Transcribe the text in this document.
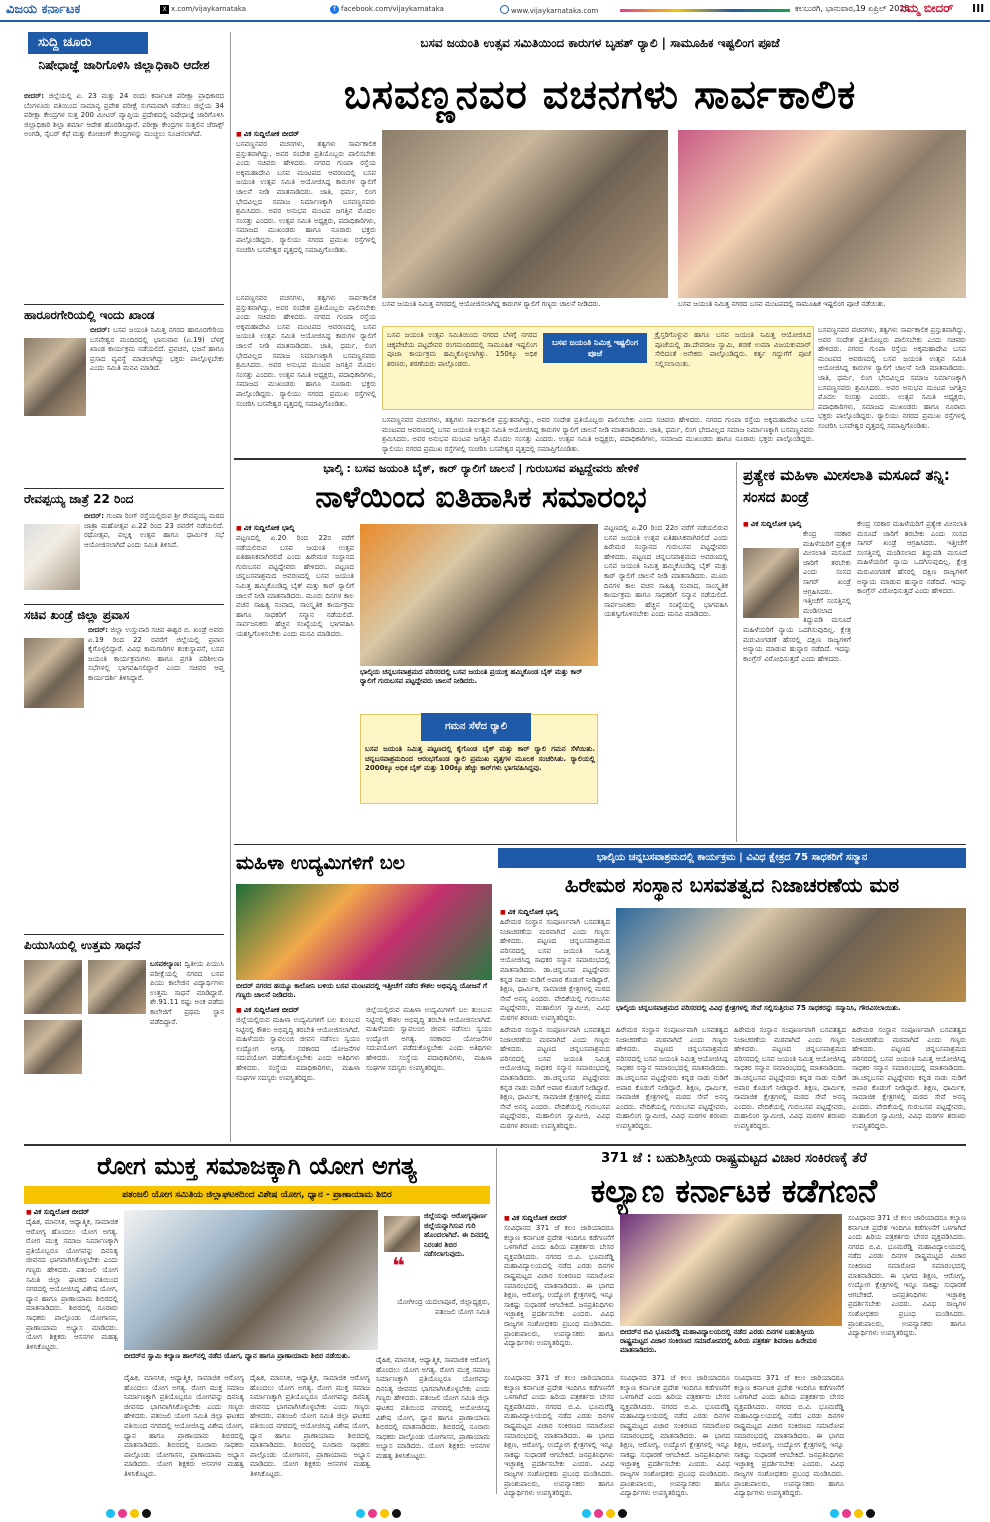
ವಿಜಯ ಕರ್ನಾಟಕ	X x.com/vijaykarnataka	f facebook.com/vijaykarnataka	www.vijaykarnataka.com	ಕಲಬುರಗಿ, ಭಾನುವಾರ,19 ಏಪ್ರಿಲ್ 2026
ನಮ್ಮ ಬೀದರ್ III
ಸುದ್ದಿ ಚೂರು
ನಿಷೇಧಾಜ್ಞೆ ಜಾರಿಗೊಳಿಸಿ ಜಿಲ್ಲಾಧಿಕಾರಿ ಆದೇಶ
ಬೀದರ್: ಜಿಲ್ಲೆಯಲ್ಲಿ ಏ. 23 ಮತ್ತು 24 ರಂದು ಕರ್ನಾಟಕ ಪರೀಕ್ಷಾ ಪ್ರಾಧಿಕಾರದ ಬೆಂಗಳೂರು ವತಿಯಿಂದ ಸಾಮಾನ್ಯ ಪ್ರವೇಶ ಪರೀಕ್ಷೆ ಸುಗಮವಾಗಿ ನಡೆಸಲು ಜಿಲ್ಲೆಯ 34 ಪರೀಕ್ಷಾ ಕೇಂದ್ರಗಳ ಸುತ್ತ 200 ಮೀಟರ್ ವ್ಯಾಪ್ತಿಯ ಪ್ರದೇಶದಲ್ಲಿ ನಿಷೇಧಾಜ್ಞೆ ಜಾರಿಗೊಳಿಸಿ ಜಿಲ್ಲಾಧಿಕಾರಿ ಶಿಲ್ಪಾ ಶರ್ಮಾ ಆದೇಶ ಹೊರಡಿಸಿದ್ದಾರೆ. ಪರೀಕ್ಷಾ ಕೇಂದ್ರಗಳ ಸುತ್ತಲಿನ ಜೆರಾಕ್ಸ್ ಅಂಗಡಿ, ಸೈಬರ್ ಕೆಫೆ ಮತ್ತು ಕೋಚಿಂಗ್ ಕೇಂದ್ರಗಳನ್ನು ಮುಚ್ಚಲು ಸೂಚಿಸಲಾಗಿದೆ.
ಹಾರೂರಗೇರಿಯಲ್ಲಿ ಇಂದು ಖಾಂಡ
ಬೀದರ್: ಬಸವ ಜಯಂತಿ ನಿಮಿತ್ತ ನಗರದ ಹಾರೂರಗೇರಿಯ ಬಸವೇಶ್ವರ ಮಂದಿರದಲ್ಲಿ ಭಾನುವಾರ (ಏ.19) ಬೆಳಗ್ಗೆ ಖಾಂಡ ಕಾರ್ಯಕ್ರಮ ನಡೆಯಲಿದೆ. ಪ್ರವಚನ, ಭಜನೆ ಹಾಗೂ ಪ್ರಸಾದ ವ್ಯವಸ್ಥೆ ಮಾಡಲಾಗಿದ್ದು ಭಕ್ತರು ಪಾಲ್ಗೊಳ್ಳಬೇಕು ಎಂದು ಸಮಿತಿ ಮನವಿ ಮಾಡಿದೆ.
ರೇವಪ್ಪಯ್ಯ ಜಾತ್ರೆ 22 ರಿಂದ
ಬೀದರ್: ಗುಂಪಾ ರಿಂಗ್ ರಸ್ತೆಯಲ್ಲಿರುವ ಶ್ರೀ ರೇವಪ್ಪಯ್ಯ ಮಠದ ಜಾತ್ರಾ ಮಹೋತ್ಸವ ಏ.22 ರಿಂದ 23 ರವರೆಗೆ ನಡೆಯಲಿದೆ. ರಥೋತ್ಸವ, ಪಲ್ಲಕ್ಕಿ ಉತ್ಸವ ಹಾಗೂ ಧಾರ್ಮಿಕ ಸಭೆ ಆಯೋಜಿಸಲಾಗಿದೆ ಎಂದು ಸಮಿತಿ ತಿಳಿಸಿದೆ.
ಸಚಿವ ಖಂಡ್ರೆ ಜಿಲ್ಲಾ ಪ್ರವಾಸ
ಬೀದರ್: ಜಿಲ್ಲಾ ಉಸ್ತುವಾರಿ ಸಚಿವ ಈಶ್ವರ ಬಿ. ಖಂಡ್ರೆ ಅವರು ಏ.19 ರಿಂದ 22 ರವರೆಗೆ ಜಿಲ್ಲೆಯಲ್ಲಿ ಪ್ರವಾಸ ಕೈಗೊಳ್ಳಲಿದ್ದಾರೆ. ವಿವಿಧ ಕಾಮಗಾರಿಗಳ ಶಂಕುಸ್ಥಾಪನೆ, ಬಸವ ಜಯಂತಿ ಕಾರ್ಯಕ್ರಮಗಳು ಹಾಗೂ ಪ್ರಗತಿ ಪರಿಶೀಲನಾ ಸಭೆಗಳಲ್ಲಿ ಭಾಗವಹಿಸಲಿದ್ದಾರೆ ಎಂದು ಸಚಿವರ ಆಪ್ತ ಕಾರ್ಯದರ್ಶಿ ತಿಳಿಸಿದ್ದಾರೆ.
ಪಿಯುಸಿಯಲ್ಲಿ ಉತ್ತಮ ಸಾಧನೆ
ಬಸವಕಲ್ಯಾಣ: ದ್ವಿತೀಯ ಪಿಯುಸಿ ಪರೀಕ್ಷೆಯಲ್ಲಿ ನಗರದ ಬಸವ ಪಿಯು ಕಾಲೇಜಿನ ವಿದ್ಯಾರ್ಥಿಗಳು ಉತ್ತಮ ಸಾಧನೆ ಮಾಡಿದ್ದಾರೆ. ಶೇ.91.11 ರಷ್ಟು ಅಂಕ ಪಡೆದು ಕಾಲೇಜಿಗೆ ಪ್ರಥಮ ಸ್ಥಾನ ಪಡೆದಿದ್ದಾರೆ.
ಬಸವ ಜಯಂತಿ ಉತ್ಸವ ಸಮಿತಿಯಿಂದ ಕಾರುಗಳ ಬೃಹತ್ ರ‍್ಯಾಲಿ | ಸಾಮೂಹಿಕ ಇಷ್ಟಲಿಂಗ ಪೂಜೆ
ಬಸವಣ್ಣನವರ ವಚನಗಳು ಸಾರ್ವಕಾಲಿಕ
■ ವಿಕ ಸುದ್ದಿಲೋಕ ಬೀದರ್
ಬಸವಣ್ಣನವರ ವಚನಗಳು, ತತ್ವಗಳು ಸಾರ್ವಕಾಲಿಕ ಪ್ರಸ್ತುತವಾಗಿದ್ದು, ಅವರ ಸಂದೇಶ ಪ್ರತಿಯೊಬ್ಬರು ಪಾಲಿಸಬೇಕು ಎಂದು ಸಚಿವರು ಹೇಳಿದರು. ನಗರದ ಗುಂಪಾ ರಸ್ತೆಯ ಅಕ್ಕಮಹಾದೇವಿ ಬಸವ ಮಂಟಪದ ಆವರಣದಲ್ಲಿ ಬಸವ ಜಯಂತಿ ಉತ್ಸವ ಸಮಿತಿ ಆಯೋಜಿಸಿದ್ದ ಕಾರುಗಳ ರ‍್ಯಾಲಿಗೆ ಚಾಲನೆ ನೀಡಿ ಮಾತನಾಡಿದರು. ಜಾತಿ, ಧರ್ಮ, ಲಿಂಗ ಭೇದವಿಲ್ಲದ ಸಮಾಜ ನಿರ್ಮಾಣಕ್ಕಾಗಿ ಬಸವಣ್ಣನವರು ಶ್ರಮಿಸಿದರು. ಅವರ ಅನುಭವ ಮಂಟಪ ಜಗತ್ತಿನ ಮೊದಲ ಸಂಸತ್ತು ಎಂದರು. ಉತ್ಸವ ಸಮಿತಿ ಅಧ್ಯಕ್ಷರು, ಪದಾಧಿಕಾರಿಗಳು, ಸಮಾಜದ ಮುಖಂಡರು ಹಾಗೂ ನೂರಾರು ಭಕ್ತರು ಪಾಲ್ಗೊಂಡಿದ್ದರು. ರ‍್ಯಾಲಿಯು ನಗರದ ಪ್ರಮುಖ ರಸ್ತೆಗಳಲ್ಲಿ ಸಂಚರಿಸಿ ಬಸವೇಶ್ವರ ವೃತ್ತದಲ್ಲಿ ಸಮಾಪ್ತಿಗೊಂಡಿತು.
ಬಸವ ಜಯಂತಿ ನಿಮಿತ್ತ ನಗರದಲ್ಲಿ ಆಯೋಜಿಸಲಾಗಿದ್ದ ಕಾರುಗಳ ರ‍್ಯಾಲಿಗೆ ಗಣ್ಯರು ಚಾಲನೆ ನೀಡಿದರು.	ಬಸವ ಜಯಂತಿ ನಿಮಿತ್ತ ನಗರದ ಬಸವ ಮಂಟಪದಲ್ಲಿ ಸಾಮೂಹಿಕ ಇಷ್ಟಲಿಂಗ ಪೂಜೆ ನಡೆಯಿತು.
ಬಸವ ಜಯಂತಿ ಉತ್ಸವ ಸಮಿತಿಯಿಂದ ನಗರದ ಬೆಳಗ್ಗೆ ನಗರದ ಚಿಕ್ಕಪೇಟೆಯ ಪಟ್ಟದೇವರ ರಂಗಮಂದಿರದಲ್ಲಿ ಸಾಮೂಹಿಕ ಇಷ್ಟಲಿಂಗ ಪೂಜಾ ಕಾರ್ಯಕ್ರಮ ಹಮ್ಮಿಕೊಳ್ಳಲಾಗಿತ್ತು. 150ಕ್ಕೂ ಅಧಿಕ ಶರಣರು, ಶರಣೆಯರು ಪಾಲ್ಗೊಂಡರು.
ಬಸವ ಜಯಂತಿ ನಿಮಿತ್ತ ಇಷ್ಟಲಿಂಗ ಪೂಜೆ
ಕ್ರೈಸ್ತರಿಗೊಳ್ಳುವ ಹಾಗೂ ಬಸವ ಜಯಂತಿ ನಿಮಿತ್ತ ಆಯೋಜಿಸಿದ ಪೂಜೆಯಲ್ಲಿ ಡಾ.ದೇವರಾಜ ಸ್ವಾಮಿ, ಶರಣೆ ಉಮಾ ವಿಜಯಕುಮಾರ್ ಸೇರಿದಂತೆ ಅನೇಕರು ಪಾಲ್ಗೊಂಡಿದ್ದರು. ಕರ್ತೃ ಗದ್ದುಗೆಗೆ ಪೂಜೆ ಸಲ್ಲಿಸಲಾಯಿತು.
ಬಸವಣ್ಣನವರ ವಚನಗಳು, ತತ್ವಗಳು ಸಾರ್ವಕಾಲಿಕ ಪ್ರಸ್ತುತವಾಗಿದ್ದು, ಅವರ ಸಂದೇಶ ಪ್ರತಿಯೊಬ್ಬರು ಪಾಲಿಸಬೇಕು ಎಂದು ಸಚಿವರು ಹೇಳಿದರು. ನಗರದ ಗುಂಪಾ ರಸ್ತೆಯ ಅಕ್ಕಮಹಾದೇವಿ ಬಸವ ಮಂಟಪದ ಆವರಣದಲ್ಲಿ ಬಸವ ಜಯಂತಿ ಉತ್ಸವ ಸಮಿತಿ ಆಯೋಜಿಸಿದ್ದ ಕಾರುಗಳ ರ‍್ಯಾಲಿಗೆ ಚಾಲನೆ ನೀಡಿ ಮಾತನಾಡಿದರು. ಜಾತಿ, ಧರ್ಮ, ಲಿಂಗ ಭೇದವಿಲ್ಲದ ಸಮಾಜ ನಿರ್ಮಾಣಕ್ಕಾಗಿ ಬಸವಣ್ಣನವರು ಶ್ರಮಿಸಿದರು. ಅವರ ಅನುಭವ ಮಂಟಪ ಜಗತ್ತಿನ ಮೊದಲ ಸಂಸತ್ತು ಎಂದರು. ಉತ್ಸವ ಸಮಿತಿ ಅಧ್ಯಕ್ಷರು, ಪದಾಧಿಕಾರಿಗಳು, ಸಮಾಜದ ಮುಖಂಡರು ಹಾಗೂ ನೂರಾರು ಭಕ್ತರು ಪಾಲ್ಗೊಂಡಿದ್ದರು. ರ‍್ಯಾಲಿಯು ನಗರದ ಪ್ರಮುಖ ರಸ್ತೆಗಳಲ್ಲಿ ಸಂಚರಿಸಿ ಬಸವೇಶ್ವರ ವೃತ್ತದಲ್ಲಿ ಸಮಾಪ್ತಿಗೊಂಡಿತು.
ಬಸವಣ್ಣನವರ ವಚನಗಳು, ತತ್ವಗಳು ಸಾರ್ವಕಾಲಿಕ ಪ್ರಸ್ತುತವಾಗಿದ್ದು, ಅವರ ಸಂದೇಶ ಪ್ರತಿಯೊಬ್ಬರು ಪಾಲಿಸಬೇಕು ಎಂದು ಸಚಿವರು ಹೇಳಿದರು. ನಗರದ ಗುಂಪಾ ರಸ್ತೆಯ ಅಕ್ಕಮಹಾದೇವಿ ಬಸವ ಮಂಟಪದ ಆವರಣದಲ್ಲಿ ಬಸವ ಜಯಂತಿ ಉತ್ಸವ ಸಮಿತಿ ಆಯೋಜಿಸಿದ್ದ ಕಾರುಗಳ ರ‍್ಯಾಲಿಗೆ ಚಾಲನೆ ನೀಡಿ ಮಾತನಾಡಿದರು. ಜಾತಿ, ಧರ್ಮ, ಲಿಂಗ ಭೇದವಿಲ್ಲದ ಸಮಾಜ ನಿರ್ಮಾಣಕ್ಕಾಗಿ ಬಸವಣ್ಣನವರು ಶ್ರಮಿಸಿದರು. ಅವರ ಅನುಭವ ಮಂಟಪ ಜಗತ್ತಿನ ಮೊದಲ ಸಂಸತ್ತು ಎಂದರು. ಉತ್ಸವ ಸಮಿತಿ ಅಧ್ಯಕ್ಷರು, ಪದಾಧಿಕಾರಿಗಳು, ಸಮಾಜದ ಮುಖಂಡರು ಹಾಗೂ ನೂರಾರು ಭಕ್ತರು ಪಾಲ್ಗೊಂಡಿದ್ದರು. ರ‍್ಯಾಲಿಯು ನಗರದ ಪ್ರಮುಖ ರಸ್ತೆಗಳಲ್ಲಿ ಸಂಚರಿಸಿ ಬಸವೇಶ್ವರ ವೃತ್ತದಲ್ಲಿ ಸಮಾಪ್ತಿಗೊಂಡಿತು.
ಬಸವಣ್ಣನವರ ವಚನಗಳು, ತತ್ವಗಳು ಸಾರ್ವಕಾಲಿಕ ಪ್ರಸ್ತುತವಾಗಿದ್ದು, ಅವರ ಸಂದೇಶ ಪ್ರತಿಯೊಬ್ಬರು ಪಾಲಿಸಬೇಕು ಎಂದು ಸಚಿವರು ಹೇಳಿದರು. ನಗರದ ಗುಂಪಾ ರಸ್ತೆಯ ಅಕ್ಕಮಹಾದೇವಿ ಬಸವ ಮಂಟಪದ ಆವರಣದಲ್ಲಿ ಬಸವ ಜಯಂತಿ ಉತ್ಸವ ಸಮಿತಿ ಆಯೋಜಿಸಿದ್ದ ಕಾರುಗಳ ರ‍್ಯಾಲಿಗೆ ಚಾಲನೆ ನೀಡಿ ಮಾತನಾಡಿದರು. ಜಾತಿ, ಧರ್ಮ, ಲಿಂಗ ಭೇದವಿಲ್ಲದ ಸಮಾಜ ನಿರ್ಮಾಣಕ್ಕಾಗಿ ಬಸವಣ್ಣನವರು ಶ್ರಮಿಸಿದರು. ಅವರ ಅನುಭವ ಮಂಟಪ ಜಗತ್ತಿನ ಮೊದಲ ಸಂಸತ್ತು ಎಂದರು. ಉತ್ಸವ ಸಮಿತಿ ಅಧ್ಯಕ್ಷರು, ಪದಾಧಿಕಾರಿಗಳು, ಸಮಾಜದ ಮುಖಂಡರು ಹಾಗೂ ನೂರಾರು ಭಕ್ತರು ಪಾಲ್ಗೊಂಡಿದ್ದರು. ರ‍್ಯಾಲಿಯು ನಗರದ ಪ್ರಮುಖ ರಸ್ತೆಗಳಲ್ಲಿ ಸಂಚರಿಸಿ ಬಸವೇಶ್ವರ ವೃತ್ತದಲ್ಲಿ ಸಮಾಪ್ತಿಗೊಂಡಿತು.
ಭಾಲ್ಕಿ : ಬಸವ ಜಯಂತಿ ಬೈಕ್, ಕಾರ್ ರ‍್ಯಾಲಿಗೆ ಚಾಲನೆ | ಗುರುಬಸವ ಪಟ್ಟದ್ದೇವರು ಹೇಳಿಕೆ
ನಾಳೆಯಿಂದ ಐತಿಹಾಸಿಕ ಸಮಾರಂಭ
■ ವಿಕ ಸುದ್ದಿಲೋಕ ಭಾಲ್ಕಿ
ಪಟ್ಟಣದಲ್ಲಿ ಏ.20 ರಿಂದ 22ರ ವರೆಗೆ ನಡೆಯಲಿರುವ ಬಸವ ಜಯಂತಿ ಉತ್ಸವ ಐತಿಹಾಸಿಕವಾಗಿರಲಿದೆ ಎಂದು ಹಿರೇಮಠ ಸಂಸ್ಥಾನದ ಗುರುಬಸವ ಪಟ್ಟದ್ದೇವರು ಹೇಳಿದರು. ಪಟ್ಟಣದ ಚನ್ನಬಸವಾಶ್ರಮದ ಆವರಣದಲ್ಲಿ ಬಸವ ಜಯಂತಿ ನಿಮಿತ್ತ ಹಮ್ಮಿಕೊಂಡಿದ್ದ ಬೈಕ್ ಮತ್ತು ಕಾರ್ ರ‍್ಯಾಲಿಗೆ ಚಾಲನೆ ನೀಡಿ ಮಾತನಾಡಿದರು. ಮೂರು ದಿನಗಳ ಕಾಲ ವಚನ ಸಾಹಿತ್ಯ ಸಂವಾದ, ಸಾಂಸ್ಕೃತಿಕ ಕಾರ್ಯಕ್ರಮ ಹಾಗೂ ಸಾಧಕರಿಗೆ ಸನ್ಮಾನ ನಡೆಯಲಿದೆ. ಸಾರ್ವಜನಿಕರು ಹೆಚ್ಚಿನ ಸಂಖ್ಯೆಯಲ್ಲಿ ಭಾಗವಹಿಸಿ ಯಶಸ್ವಿಗೊಳಿಸಬೇಕು ಎಂದು ಮನವಿ ಮಾಡಿದರು.
ಭಾಲ್ಕಿಯ ಚನ್ನಬಸವಾಶ್ರಮದ ಪರಿಸರದಲ್ಲಿ ಬಸವ ಜಯಂತಿ ಪ್ರಯುಕ್ತ ಹಮ್ಮಿಕೊಂಡ ಬೈಕ್ ಮತ್ತು ಕಾರ್ ರ‍್ಯಾಲಿಗೆ ಗುರುಬಸವ ಪಟ್ಟದ್ದೇವರು ಚಾಲನೆ ನೀಡಿದರು.
ಗಮನ ಸೆಳೆದ ರ‍್ಯಾಲಿ
ಬಸವ ಜಯಂತಿ ನಿಮಿತ್ತ ಪಟ್ಟಣದಲ್ಲಿ ಕೈಗೊಂಡ ಬೈಕ್ ಮತ್ತು ಕಾರ್ ರ‍್ಯಾಲಿ ಗಮನ ಸೆಳೆಯಿತು. ಚನ್ನಬಸವಾಶ್ರಮದಿಂದ ಆರಂಭಗೊಂಡ ರ‍್ಯಾಲಿ ಪ್ರಮುಖ ವೃತ್ತಗಳ ಮೂಲಕ ಸಂಚರಿಸಿತು. ರ‍್ಯಾಲಿಯಲ್ಲಿ 2000ಕ್ಕೂ ಅಧಿಕ ಬೈಕ್ ಮತ್ತು 100ಕ್ಕೂ ಹೆಚ್ಚು ಕಾರ್‌ಗಳು ಭಾಗವಹಿಸಿದ್ದವು.
ಪಟ್ಟಣದಲ್ಲಿ ಏ.20 ರಿಂದ 22ರ ವರೆಗೆ ನಡೆಯಲಿರುವ ಬಸವ ಜಯಂತಿ ಉತ್ಸವ ಐತಿಹಾಸಿಕವಾಗಿರಲಿದೆ ಎಂದು ಹಿರೇಮಠ ಸಂಸ್ಥಾನದ ಗುರುಬಸವ ಪಟ್ಟದ್ದೇವರು ಹೇಳಿದರು. ಪಟ್ಟಣದ ಚನ್ನಬಸವಾಶ್ರಮದ ಆವರಣದಲ್ಲಿ ಬಸವ ಜಯಂತಿ ನಿಮಿತ್ತ ಹಮ್ಮಿಕೊಂಡಿದ್ದ ಬೈಕ್ ಮತ್ತು ಕಾರ್ ರ‍್ಯಾಲಿಗೆ ಚಾಲನೆ ನೀಡಿ ಮಾತನಾಡಿದರು. ಮೂರು ದಿನಗಳ ಕಾಲ ವಚನ ಸಾಹಿತ್ಯ ಸಂವಾದ, ಸಾಂಸ್ಕೃತಿಕ ಕಾರ್ಯಕ್ರಮ ಹಾಗೂ ಸಾಧಕರಿಗೆ ಸನ್ಮಾನ ನಡೆಯಲಿದೆ. ಸಾರ್ವಜನಿಕರು ಹೆಚ್ಚಿನ ಸಂಖ್ಯೆಯಲ್ಲಿ ಭಾಗವಹಿಸಿ ಯಶಸ್ವಿಗೊಳಿಸಬೇಕು ಎಂದು ಮನವಿ ಮಾಡಿದರು.
ಪ್ರತ್ಯೇಕ ಮಹಿಳಾ ಮೀಸಲಾತಿ ಮಸೂದೆ ತನ್ನಿ: ಸಂಸದ ಖಂಡ್ರೆ
■ ವಿಕ ಸುದ್ದಿಲೋಕ ಭಾಲ್ಕಿ
ಕೇಂದ್ರ ಸರಕಾರ ಮಹಿಳೆಯರಿಗೆ ಪ್ರತ್ಯೇಕ ಮೀಸಲಾತಿ ಮಸೂದೆ ಜಾರಿಗೆ ತರಬೇಕು ಎಂದು ಸಂಸದ ಸಾಗರ್ ಖಂಡ್ರೆ ಆಗ್ರಹಿಸಿದರು. ಇತ್ತೀಚೆಗೆ ಸಂಸತ್ತಿನಲ್ಲಿ ಮಂಡಿಸಲಾದ ತಿದ್ದುಪಡಿ ಮಸೂದೆ ಮಹಿಳೆಯರಿಗೆ ನ್ಯಾಯ ಒದಗಿಸುವುದಿಲ್ಲ. ಕ್ಷೇತ್ರ ಮರುವಿಂಗಡಣೆ ಹೆಸರಲ್ಲಿ ದಕ್ಷಿಣ ರಾಜ್ಯಗಳಿಗೆ ಅನ್ಯಾಯ ಮಾಡುವ ಹುನ್ನಾರ ನಡೆದಿದೆ. ಇದನ್ನು ಕಾಂಗ್ರೆಸ್ ವಿರೋಧಿಸುತ್ತದೆ ಎಂದು ಹೇಳಿದರು.
ಕೇಂದ್ರ ಸರಕಾರ ಮಹಿಳೆಯರಿಗೆ ಪ್ರತ್ಯೇಕ ಮೀಸಲಾತಿ ಮಸೂದೆ ಜಾರಿಗೆ ತರಬೇಕು ಎಂದು ಸಂಸದ ಸಾಗರ್ ಖಂಡ್ರೆ ಆಗ್ರಹಿಸಿದರು. ಇತ್ತೀಚೆಗೆ ಸಂಸತ್ತಿನಲ್ಲಿ ಮಂಡಿಸಲಾದ ತಿದ್ದುಪಡಿ ಮಸೂದೆ ಮಹಿಳೆಯರಿಗೆ ನ್ಯಾಯ ಒದಗಿಸುವುದಿಲ್ಲ. ಕ್ಷೇತ್ರ ಮರುವಿಂಗಡಣೆ ಹೆಸರಲ್ಲಿ ದಕ್ಷಿಣ ರಾಜ್ಯಗಳಿಗೆ ಅನ್ಯಾಯ ಮಾಡುವ ಹುನ್ನಾರ ನಡೆದಿದೆ. ಇದನ್ನು ಕಾಂಗ್ರೆಸ್ ವಿರೋಧಿಸುತ್ತದೆ ಎಂದು ಹೇಳಿದರು.
ಮಹಿಳಾ ಉದ್ಯಮಿಗಳಿಗೆ ಬಲ
ಬೀದರ್ ನಗರದ ಹಯ್ಯೂ ಕಾಲೋನಿ ಬಳಿಯ ಬಸವ ಮಂಟಪದಲ್ಲಿ ಇತ್ತೀಚೆಗೆ ನಡೆದ ಕೌಶಲ ಅಭಿವೃದ್ಧಿ ಯೋಜನೆ ಗೆ ಗಣ್ಯರು ಚಾಲನೆ ನೀಡಿದರು.
■ ವಿಕ ಸುದ್ದಿಲೋಕ ಬೀದರ್
ಜಿಲ್ಲೆಯಲ್ಲಿರುವ ಮಹಿಳಾ ಉದ್ಯಮಿಗಳಿಗೆ ಬಲ ತುಂಬುವ ನಿಟ್ಟಿನಲ್ಲಿ ಕೌಶಲ ಅಭಿವೃದ್ಧಿ ತರಬೇತಿ ಆಯೋಜಿಸಲಾಗಿದೆ. ಮಹಿಳೆಯರು ಸ್ವಾವಲಂಬಿ ಜೀವನ ನಡೆಸಲು ಸ್ವಯಂ ಉದ್ಯೋಗ ಅಗತ್ಯ. ಸರಕಾರದ ಯೋಜನೆಗಳ ಸದುಪಯೋಗ ಪಡೆದುಕೊಳ್ಳಬೇಕು ಎಂದು ಅತಿಥಿಗಳು ಹೇಳಿದರು. ಸಂಸ್ಥೆಯ ಪದಾಧಿಕಾರಿಗಳು, ಮಹಿಳಾ ಸಂಘಗಳ ಸದಸ್ಯರು ಉಪಸ್ಥಿತರಿದ್ದರು.
ಜಿಲ್ಲೆಯಲ್ಲಿರುವ ಮಹಿಳಾ ಉದ್ಯಮಿಗಳಿಗೆ ಬಲ ತುಂಬುವ ನಿಟ್ಟಿನಲ್ಲಿ ಕೌಶಲ ಅಭಿವೃದ್ಧಿ ತರಬೇತಿ ಆಯೋಜಿಸಲಾಗಿದೆ. ಮಹಿಳೆಯರು ಸ್ವಾವಲಂಬಿ ಜೀವನ ನಡೆಸಲು ಸ್ವಯಂ ಉದ್ಯೋಗ ಅಗತ್ಯ. ಸರಕಾರದ ಯೋಜನೆಗಳ ಸದುಪಯೋಗ ಪಡೆದುಕೊಳ್ಳಬೇಕು ಎಂದು ಅತಿಥಿಗಳು ಹೇಳಿದರು. ಸಂಸ್ಥೆಯ ಪದಾಧಿಕಾರಿಗಳು, ಮಹಿಳಾ ಸಂಘಗಳ ಸದಸ್ಯರು ಉಪಸ್ಥಿತರಿದ್ದರು.
ಭಾಲ್ಕಿಯ ಚನ್ನಬಸವಾಶ್ರಮದಲ್ಲಿ ಕಾರ್ಯಕ್ರಮ | ವಿವಿಧ ಕ್ಷೇತ್ರದ 75 ಸಾಧಕರಿಗೆ ಸನ್ಮಾನ
ಹಿರೇಮಠ ಸಂಸ್ಥಾನ ಬಸವತತ್ವದ ನಿಜಾಚರಣೆಯ ಮಠ
■ ವಿಕ ಸುದ್ದಿಲೋಕ ಭಾಲ್ಕಿ
ಹಿರೇಮಠ ಸಂಸ್ಥಾನ ಸಂಪೂರ್ಣವಾಗಿ ಬಸವತತ್ವದ ನಿಜಾಚರಣೆಯ ಮಠವಾಗಿದೆ ಎಂದು ಗಣ್ಯರು ಹೇಳಿದರು. ಪಟ್ಟಣದ ಚನ್ನಬಸವಾಶ್ರಮದ ಪರಿಸರದಲ್ಲಿ ಬಸವ ಜಯಂತಿ ನಿಮಿತ್ತ ಆಯೋಜಿಸಿದ್ದ ಸಾಧಕರ ಸನ್ಮಾನ ಸಮಾರಂಭದಲ್ಲಿ ಮಾತನಾಡಿದರು. ಡಾ.ಚನ್ನಬಸವ ಪಟ್ಟದ್ದೇವರು ಕನ್ನಡ ನಾಡು ನುಡಿಗೆ ಅಪಾರ ಕೊಡುಗೆ ನೀಡಿದ್ದಾರೆ. ಶಿಕ್ಷಣ, ಧಾರ್ಮಿಕ, ಸಾಮಾಜಿಕ ಕ್ಷೇತ್ರಗಳಲ್ಲಿ ಮಠದ ಸೇವೆ ಅನನ್ಯ ಎಂದರು. ವೇದಿಕೆಯಲ್ಲಿ ಗುರುಬಸವ ಪಟ್ಟದ್ದೇವರು, ಮಹಾಲಿಂಗ ಸ್ವಾಮೀಜಿ, ವಿವಿಧ ಮಠಗಳ ಶರಣರು ಉಪಸ್ಥಿತರಿದ್ದರು.
ಭಾಲ್ಕಿಯ ಚನ್ನಬಸವಾಶ್ರಮದ ಪರಿಸರದಲ್ಲಿ ವಿವಿಧ ಕ್ಷೇತ್ರಗಳಲ್ಲಿ ಸೇವೆ ಸಲ್ಲಿಸುತ್ತಿರುವ 75 ಸಾಧಕರನ್ನು ಸನ್ಮಾನಿಸಿ, ಗೌರವಿಸಲಾಯಿತು.
ಹಿರೇಮಠ ಸಂಸ್ಥಾನ ಸಂಪೂರ್ಣವಾಗಿ ಬಸವತತ್ವದ ನಿಜಾಚರಣೆಯ ಮಠವಾಗಿದೆ ಎಂದು ಗಣ್ಯರು ಹೇಳಿದರು. ಪಟ್ಟಣದ ಚನ್ನಬಸವಾಶ್ರಮದ ಪರಿಸರದಲ್ಲಿ ಬಸವ ಜಯಂತಿ ನಿಮಿತ್ತ ಆಯೋಜಿಸಿದ್ದ ಸಾಧಕರ ಸನ್ಮಾನ ಸಮಾರಂಭದಲ್ಲಿ ಮಾತನಾಡಿದರು. ಡಾ.ಚನ್ನಬಸವ ಪಟ್ಟದ್ದೇವರು ಕನ್ನಡ ನಾಡು ನುಡಿಗೆ ಅಪಾರ ಕೊಡುಗೆ ನೀಡಿದ್ದಾರೆ. ಶಿಕ್ಷಣ, ಧಾರ್ಮಿಕ, ಸಾಮಾಜಿಕ ಕ್ಷೇತ್ರಗಳಲ್ಲಿ ಮಠದ ಸೇವೆ ಅನನ್ಯ ಎಂದರು. ವೇದಿಕೆಯಲ್ಲಿ ಗುರುಬಸವ ಪಟ್ಟದ್ದೇವರು, ಮಹಾಲಿಂಗ ಸ್ವಾಮೀಜಿ, ವಿವಿಧ ಮಠಗಳ ಶರಣರು ಉಪಸ್ಥಿತರಿದ್ದರು.
ಹಿರೇಮಠ ಸಂಸ್ಥಾನ ಸಂಪೂರ್ಣವಾಗಿ ಬಸವತತ್ವದ ನಿಜಾಚರಣೆಯ ಮಠವಾಗಿದೆ ಎಂದು ಗಣ್ಯರು ಹೇಳಿದರು. ಪಟ್ಟಣದ ಚನ್ನಬಸವಾಶ್ರಮದ ಪರಿಸರದಲ್ಲಿ ಬಸವ ಜಯಂತಿ ನಿಮಿತ್ತ ಆಯೋಜಿಸಿದ್ದ ಸಾಧಕರ ಸನ್ಮಾನ ಸಮಾರಂಭದಲ್ಲಿ ಮಾತನಾಡಿದರು. ಡಾ.ಚನ್ನಬಸವ ಪಟ್ಟದ್ದೇವರು ಕನ್ನಡ ನಾಡು ನುಡಿಗೆ ಅಪಾರ ಕೊಡುಗೆ ನೀಡಿದ್ದಾರೆ. ಶಿಕ್ಷಣ, ಧಾರ್ಮಿಕ, ಸಾಮಾಜಿಕ ಕ್ಷೇತ್ರಗಳಲ್ಲಿ ಮಠದ ಸೇವೆ ಅನನ್ಯ ಎಂದರು. ವೇದಿಕೆಯಲ್ಲಿ ಗುರುಬಸವ ಪಟ್ಟದ್ದೇವರು, ಮಹಾಲಿಂಗ ಸ್ವಾಮೀಜಿ, ವಿವಿಧ ಮಠಗಳ ಶರಣರು ಉಪಸ್ಥಿತರಿದ್ದರು.
ಹಿರೇಮಠ ಸಂಸ್ಥಾನ ಸಂಪೂರ್ಣವಾಗಿ ಬಸವತತ್ವದ ನಿಜಾಚರಣೆಯ ಮಠವಾಗಿದೆ ಎಂದು ಗಣ್ಯರು ಹೇಳಿದರು. ಪಟ್ಟಣದ ಚನ್ನಬಸವಾಶ್ರಮದ ಪರಿಸರದಲ್ಲಿ ಬಸವ ಜಯಂತಿ ನಿಮಿತ್ತ ಆಯೋಜಿಸಿದ್ದ ಸಾಧಕರ ಸನ್ಮಾನ ಸಮಾರಂಭದಲ್ಲಿ ಮಾತನಾಡಿದರು. ಡಾ.ಚನ್ನಬಸವ ಪಟ್ಟದ್ದೇವರು ಕನ್ನಡ ನಾಡು ನುಡಿಗೆ ಅಪಾರ ಕೊಡುಗೆ ನೀಡಿದ್ದಾರೆ. ಶಿಕ್ಷಣ, ಧಾರ್ಮಿಕ, ಸಾಮಾಜಿಕ ಕ್ಷೇತ್ರಗಳಲ್ಲಿ ಮಠದ ಸೇವೆ ಅನನ್ಯ ಎಂದರು. ವೇದಿಕೆಯಲ್ಲಿ ಗುರುಬಸವ ಪಟ್ಟದ್ದೇವರು, ಮಹಾಲಿಂಗ ಸ್ವಾಮೀಜಿ, ವಿವಿಧ ಮಠಗಳ ಶರಣರು ಉಪಸ್ಥಿತರಿದ್ದರು.
ಹಿರೇಮಠ ಸಂಸ್ಥಾನ ಸಂಪೂರ್ಣವಾಗಿ ಬಸವತತ್ವದ ನಿಜಾಚರಣೆಯ ಮಠವಾಗಿದೆ ಎಂದು ಗಣ್ಯರು ಹೇಳಿದರು. ಪಟ್ಟಣದ ಚನ್ನಬಸವಾಶ್ರಮದ ಪರಿಸರದಲ್ಲಿ ಬಸವ ಜಯಂತಿ ನಿಮಿತ್ತ ಆಯೋಜಿಸಿದ್ದ ಸಾಧಕರ ಸನ್ಮಾನ ಸಮಾರಂಭದಲ್ಲಿ ಮಾತನಾಡಿದರು. ಡಾ.ಚನ್ನಬಸವ ಪಟ್ಟದ್ದೇವರು ಕನ್ನಡ ನಾಡು ನುಡಿಗೆ ಅಪಾರ ಕೊಡುಗೆ ನೀಡಿದ್ದಾರೆ. ಶಿಕ್ಷಣ, ಧಾರ್ಮಿಕ, ಸಾಮಾಜಿಕ ಕ್ಷೇತ್ರಗಳಲ್ಲಿ ಮಠದ ಸೇವೆ ಅನನ್ಯ ಎಂದರು. ವೇದಿಕೆಯಲ್ಲಿ ಗುರುಬಸವ ಪಟ್ಟದ್ದೇವರು, ಮಹಾಲಿಂಗ ಸ್ವಾಮೀಜಿ, ವಿವಿಧ ಮಠಗಳ ಶರಣರು ಉಪಸ್ಥಿತರಿದ್ದರು.
ರೋಗ ಮುಕ್ತ ಸಮಾಜಕ್ಕಾಗಿ ಯೋಗ ಅಗತ್ಯ
ಪತಂಜಲಿ ಯೋಗ ಸಮಿತಿಯ ಜಿಲ್ಲಾಘಟಕದಿಂದ ವಿಶೇಷ ಯೋಗ, ಧ್ಯಾನ - ಪ್ರಾಣಾಯಾಮ ಶಿಬಿರ
■ ವಿಕ ಸುದ್ದಿಲೋಕ ಬೀದರ್
ದೈಹಿಕ, ಮಾನಸಿಕ, ಆಧ್ಯಾತ್ಮಿಕ, ಸಾಮಾಜಿಕ ಆರೋಗ್ಯ ಹೊಂದಲು ಯೋಗ ಅಗತ್ಯ. ರೋಗ ಮುಕ್ತ ಸಮಾಜ ನಿರ್ಮಾಣಕ್ಕಾಗಿ ಪ್ರತಿಯೊಬ್ಬರೂ ಯೋಗವನ್ನು ದಿನನಿತ್ಯ ಜೀವನದ ಭಾಗವಾಗಿಸಿಕೊಳ್ಳಬೇಕು ಎಂದು ಗಣ್ಯರು ಹೇಳಿದರು. ಪತಂಜಲಿ ಯೋಗ ಸಮಿತಿ ಜಿಲ್ಲಾ ಘಟಕದ ವತಿಯಿಂದ ನಗರದಲ್ಲಿ ಆಯೋಜಿಸಿದ್ದ ವಿಶೇಷ ಯೋಗ, ಧ್ಯಾನ ಹಾಗೂ ಪ್ರಾಣಾಯಾಮ ಶಿಬಿರದಲ್ಲಿ ಮಾತನಾಡಿದರು. ಶಿಬಿರದಲ್ಲಿ ನೂರಾರು ಸಾಧಕರು ಪಾಲ್ಗೊಂಡು ಯೋಗಾಸನ, ಪ್ರಾಣಾಯಾಮ ಅಭ್ಯಾಸ ಮಾಡಿದರು. ಯೋಗ ಶಿಕ್ಷಕರು ಆಸನಗಳ ಮಹತ್ವ ತಿಳಿಸಿಕೊಟ್ಟರು.
ಬೀದರ್‌ನ ಸ್ವಾಮಿ ಕಲ್ಯಾಣ ಹಾಲ್‌ನಲ್ಲಿ ನಡೆದ ಯೋಗ, ಧ್ಯಾನ ಹಾಗೂ ಪ್ರಾಣಾಯಾಮ ಶಿಬಿರ ನಡೆಯಿತು.
❝
ಜಿಲ್ಲೆಯನ್ನು ಆರೋಗ್ಯಪೂರ್ಣ ಜಿಲ್ಲೆಯನ್ನಾಗಿಸುವ ಗುರಿ ಹೊಂದಲಾಗಿದೆ. ಈ ದಿನದಲ್ಲಿ ನಿರಂತರ ಶಿಬಿರ ನಡೆಸಲಾಗುವುದು.
ಯೋಗೀಂದ್ರ ಯದಲಾಪೂರೆ, ಜಿಲ್ಲಾಧ್ಯಕ್ಷರು, ಪತಂಜಲಿ ಯೋಗ ಸಮಿತಿ
ದೈಹಿಕ, ಮಾನಸಿಕ, ಆಧ್ಯಾತ್ಮಿಕ, ಸಾಮಾಜಿಕ ಆರೋಗ್ಯ ಹೊಂದಲು ಯೋಗ ಅಗತ್ಯ. ರೋಗ ಮುಕ್ತ ಸಮಾಜ ನಿರ್ಮಾಣಕ್ಕಾಗಿ ಪ್ರತಿಯೊಬ್ಬರೂ ಯೋಗವನ್ನು ದಿನನಿತ್ಯ ಜೀವನದ ಭಾಗವಾಗಿಸಿಕೊಳ್ಳಬೇಕು ಎಂದು ಗಣ್ಯರು ಹೇಳಿದರು. ಪತಂಜಲಿ ಯೋಗ ಸಮಿತಿ ಜಿಲ್ಲಾ ಘಟಕದ ವತಿಯಿಂದ ನಗರದಲ್ಲಿ ಆಯೋಜಿಸಿದ್ದ ವಿಶೇಷ ಯೋಗ, ಧ್ಯಾನ ಹಾಗೂ ಪ್ರಾಣಾಯಾಮ ಶಿಬಿರದಲ್ಲಿ ಮಾತನಾಡಿದರು. ಶಿಬಿರದಲ್ಲಿ ನೂರಾರು ಸಾಧಕರು ಪಾಲ್ಗೊಂಡು ಯೋಗಾಸನ, ಪ್ರಾಣಾಯಾಮ ಅಭ್ಯಾಸ ಮಾಡಿದರು. ಯೋಗ ಶಿಕ್ಷಕರು ಆಸನಗಳ ಮಹತ್ವ ತಿಳಿಸಿಕೊಟ್ಟರು.
ದೈಹಿಕ, ಮಾನಸಿಕ, ಆಧ್ಯಾತ್ಮಿಕ, ಸಾಮಾಜಿಕ ಆರೋಗ್ಯ ಹೊಂದಲು ಯೋಗ ಅಗತ್ಯ. ರೋಗ ಮುಕ್ತ ಸಮಾಜ ನಿರ್ಮಾಣಕ್ಕಾಗಿ ಪ್ರತಿಯೊಬ್ಬರೂ ಯೋಗವನ್ನು ದಿನನಿತ್ಯ ಜೀವನದ ಭಾಗವಾಗಿಸಿಕೊಳ್ಳಬೇಕು ಎಂದು ಗಣ್ಯರು ಹೇಳಿದರು. ಪತಂಜಲಿ ಯೋಗ ಸಮಿತಿ ಜಿಲ್ಲಾ ಘಟಕದ ವತಿಯಿಂದ ನಗರದಲ್ಲಿ ಆಯೋಜಿಸಿದ್ದ ವಿಶೇಷ ಯೋಗ, ಧ್ಯಾನ ಹಾಗೂ ಪ್ರಾಣಾಯಾಮ ಶಿಬಿರದಲ್ಲಿ ಮಾತನಾಡಿದರು. ಶಿಬಿರದಲ್ಲಿ ನೂರಾರು ಸಾಧಕರು ಪಾಲ್ಗೊಂಡು ಯೋಗಾಸನ, ಪ್ರಾಣಾಯಾಮ ಅಭ್ಯಾಸ ಮಾಡಿದರು. ಯೋಗ ಶಿಕ್ಷಕರು ಆಸನಗಳ ಮಹತ್ವ ತಿಳಿಸಿಕೊಟ್ಟರು.
ದೈಹಿಕ, ಮಾನಸಿಕ, ಆಧ್ಯಾತ್ಮಿಕ, ಸಾಮಾಜಿಕ ಆರೋಗ್ಯ ಹೊಂದಲು ಯೋಗ ಅಗತ್ಯ. ರೋಗ ಮುಕ್ತ ಸಮಾಜ ನಿರ್ಮಾಣಕ್ಕಾಗಿ ಪ್ರತಿಯೊಬ್ಬರೂ ಯೋಗವನ್ನು ದಿನನಿತ್ಯ ಜೀವನದ ಭಾಗವಾಗಿಸಿಕೊಳ್ಳಬೇಕು ಎಂದು ಗಣ್ಯರು ಹೇಳಿದರು. ಪತಂಜಲಿ ಯೋಗ ಸಮಿತಿ ಜಿಲ್ಲಾ ಘಟಕದ ವತಿಯಿಂದ ನಗರದಲ್ಲಿ ಆಯೋಜಿಸಿದ್ದ ವಿಶೇಷ ಯೋಗ, ಧ್ಯಾನ ಹಾಗೂ ಪ್ರಾಣಾಯಾಮ ಶಿಬಿರದಲ್ಲಿ ಮಾತನಾಡಿದರು. ಶಿಬಿರದಲ್ಲಿ ನೂರಾರು ಸಾಧಕರು ಪಾಲ್ಗೊಂಡು ಯೋಗಾಸನ, ಪ್ರಾಣಾಯಾಮ ಅಭ್ಯಾಸ ಮಾಡಿದರು. ಯೋಗ ಶಿಕ್ಷಕರು ಆಸನಗಳ ಮಹತ್ವ ತಿಳಿಸಿಕೊಟ್ಟರು.
371 ಜೆ : ಬಹುಶಿಸ್ತೀಯ ರಾಷ್ಟ್ರಮಟ್ಟದ ವಿಚಾರ ಸಂಕಿರಣಕ್ಕೆ ತೆರೆ
ಕಲ್ಯಾಣ ಕರ್ನಾಟಕ ಕಡೆಗಣನೆ
■ ವಿಕ ಸುದ್ದಿಲೋಕ ಬೀದರ್
ಸಂವಿಧಾನದ 371 ಜೆ ಕಲಂ ಜಾರಿಯಾದರೂ ಕಲ್ಯಾಣ ಕರ್ನಾಟಕ ಪ್ರದೇಶ ಇಂದಿಗೂ ಕಡೆಗಣನೆಗೆ ಒಳಗಾಗಿದೆ ಎಂದು ಹಿರಿಯ ಪತ್ರಕರ್ತರು ಬೇಸರ ವ್ಯಕ್ತಪಡಿಸಿದರು. ನಗರದ ಬಿ.ವಿ. ಭೂಮರೆಡ್ಡಿ ಮಹಾವಿದ್ಯಾಲಯದಲ್ಲಿ ನಡೆದ ಎರಡು ದಿನಗಳ ರಾಷ್ಟ್ರಮಟ್ಟದ ವಿಚಾರ ಸಂಕಿರಣದ ಸಮಾರೋಪ ಸಮಾರಂಭದಲ್ಲಿ ಮಾತನಾಡಿದರು. ಈ ಭಾಗದ ಶಿಕ್ಷಣ, ಆರೋಗ್ಯ, ಉದ್ಯೋಗ ಕ್ಷೇತ್ರಗಳಲ್ಲಿ ಇನ್ನೂ ಸಾಕಷ್ಟು ಸುಧಾರಣೆ ಆಗಬೇಕಿದೆ. ಜನಪ್ರತಿನಿಧಿಗಳು ಇಚ್ಛಾಶಕ್ತಿ ಪ್ರದರ್ಶಿಸಬೇಕು ಎಂದರು. ವಿವಿಧ ರಾಜ್ಯಗಳ ಸಂಶೋಧಕರು ಪ್ರಬಂಧ ಮಂಡಿಸಿದರು. ಪ್ರಾಂಶುಪಾಲರು, ಉಪನ್ಯಾಸಕರು ಹಾಗೂ ವಿದ್ಯಾರ್ಥಿಗಳು ಉಪಸ್ಥಿತರಿದ್ದರು.
ಬೀದರ್‌ನ ಬಿವಿ ಭೂಮರೆಡ್ಡಿ ಮಹಾವಿದ್ಯಾಲಯದಲ್ಲಿ ನಡೆದ ಎರಡು ದಿನಗಳ ಬಹುಶಿಸ್ತೀಯ ರಾಷ್ಟ್ರಮಟ್ಟದ ವಿಚಾರ ಸಂಕಿರಣದ ಸಮಾರೋಪದಲ್ಲಿ ಹಿರಿಯ ಪತ್ರಕರ್ತ ಶಿವರಾಜ ಹಿರೇಮಠ ಮಾತನಾಡಿದರು.
ಸಂವಿಧಾನದ 371 ಜೆ ಕಲಂ ಜಾರಿಯಾದರೂ ಕಲ್ಯಾಣ ಕರ್ನಾಟಕ ಪ್ರದೇಶ ಇಂದಿಗೂ ಕಡೆಗಣನೆಗೆ ಒಳಗಾಗಿದೆ ಎಂದು ಹಿರಿಯ ಪತ್ರಕರ್ತರು ಬೇಸರ ವ್ಯಕ್ತಪಡಿಸಿದರು. ನಗರದ ಬಿ.ವಿ. ಭೂಮರೆಡ್ಡಿ ಮಹಾವಿದ್ಯಾಲಯದಲ್ಲಿ ನಡೆದ ಎರಡು ದಿನಗಳ ರಾಷ್ಟ್ರಮಟ್ಟದ ವಿಚಾರ ಸಂಕಿರಣದ ಸಮಾರೋಪ ಸಮಾರಂಭದಲ್ಲಿ ಮಾತನಾಡಿದರು. ಈ ಭಾಗದ ಶಿಕ್ಷಣ, ಆರೋಗ್ಯ, ಉದ್ಯೋಗ ಕ್ಷೇತ್ರಗಳಲ್ಲಿ ಇನ್ನೂ ಸಾಕಷ್ಟು ಸುಧಾರಣೆ ಆಗಬೇಕಿದೆ. ಜನಪ್ರತಿನಿಧಿಗಳು ಇಚ್ಛಾಶಕ್ತಿ ಪ್ರದರ್ಶಿಸಬೇಕು ಎಂದರು. ವಿವಿಧ ರಾಜ್ಯಗಳ ಸಂಶೋಧಕರು ಪ್ರಬಂಧ ಮಂಡಿಸಿದರು. ಪ್ರಾಂಶುಪಾಲರು, ಉಪನ್ಯಾಸಕರು ಹಾಗೂ ವಿದ್ಯಾರ್ಥಿಗಳು ಉಪಸ್ಥಿತರಿದ್ದರು.
ಸಂವಿಧಾನದ 371 ಜೆ ಕಲಂ ಜಾರಿಯಾದರೂ ಕಲ್ಯಾಣ ಕರ್ನಾಟಕ ಪ್ರದೇಶ ಇಂದಿಗೂ ಕಡೆಗಣನೆಗೆ ಒಳಗಾಗಿದೆ ಎಂದು ಹಿರಿಯ ಪತ್ರಕರ್ತರು ಬೇಸರ ವ್ಯಕ್ತಪಡಿಸಿದರು. ನಗರದ ಬಿ.ವಿ. ಭೂಮರೆಡ್ಡಿ ಮಹಾವಿದ್ಯಾಲಯದಲ್ಲಿ ನಡೆದ ಎರಡು ದಿನಗಳ ರಾಷ್ಟ್ರಮಟ್ಟದ ವಿಚಾರ ಸಂಕಿರಣದ ಸಮಾರೋಪ ಸಮಾರಂಭದಲ್ಲಿ ಮಾತನಾಡಿದರು. ಈ ಭಾಗದ ಶಿಕ್ಷಣ, ಆರೋಗ್ಯ, ಉದ್ಯೋಗ ಕ್ಷೇತ್ರಗಳಲ್ಲಿ ಇನ್ನೂ ಸಾಕಷ್ಟು ಸುಧಾರಣೆ ಆಗಬೇಕಿದೆ. ಜನಪ್ರತಿನಿಧಿಗಳು ಇಚ್ಛಾಶಕ್ತಿ ಪ್ರದರ್ಶಿಸಬೇಕು ಎಂದರು. ವಿವಿಧ ರಾಜ್ಯಗಳ ಸಂಶೋಧಕರು ಪ್ರಬಂಧ ಮಂಡಿಸಿದರು. ಪ್ರಾಂಶುಪಾಲರು, ಉಪನ್ಯಾಸಕರು ಹಾಗೂ ವಿದ್ಯಾರ್ಥಿಗಳು ಉಪಸ್ಥಿತರಿದ್ದರು.
ಸಂವಿಧಾನದ 371 ಜೆ ಕಲಂ ಜಾರಿಯಾದರೂ ಕಲ್ಯಾಣ ಕರ್ನಾಟಕ ಪ್ರದೇಶ ಇಂದಿಗೂ ಕಡೆಗಣನೆಗೆ ಒಳಗಾಗಿದೆ ಎಂದು ಹಿರಿಯ ಪತ್ರಕರ್ತರು ಬೇಸರ ವ್ಯಕ್ತಪಡಿಸಿದರು. ನಗರದ ಬಿ.ವಿ. ಭೂಮರೆಡ್ಡಿ ಮಹಾವಿದ್ಯಾಲಯದಲ್ಲಿ ನಡೆದ ಎರಡು ದಿನಗಳ ರಾಷ್ಟ್ರಮಟ್ಟದ ವಿಚಾರ ಸಂಕಿರಣದ ಸಮಾರೋಪ ಸಮಾರಂಭದಲ್ಲಿ ಮಾತನಾಡಿದರು. ಈ ಭಾಗದ ಶಿಕ್ಷಣ, ಆರೋಗ್ಯ, ಉದ್ಯೋಗ ಕ್ಷೇತ್ರಗಳಲ್ಲಿ ಇನ್ನೂ ಸಾಕಷ್ಟು ಸುಧಾರಣೆ ಆಗಬೇಕಿದೆ. ಜನಪ್ರತಿನಿಧಿಗಳು ಇಚ್ಛಾಶಕ್ತಿ ಪ್ರದರ್ಶಿಸಬೇಕು ಎಂದರು. ವಿವಿಧ ರಾಜ್ಯಗಳ ಸಂಶೋಧಕರು ಪ್ರಬಂಧ ಮಂಡಿಸಿದರು. ಪ್ರಾಂಶುಪಾಲರು, ಉಪನ್ಯಾಸಕರು ಹಾಗೂ ವಿದ್ಯಾರ್ಥಿಗಳು ಉಪಸ್ಥಿತರಿದ್ದರು.
ಸಂವಿಧಾನದ 371 ಜೆ ಕಲಂ ಜಾರಿಯಾದರೂ ಕಲ್ಯಾಣ ಕರ್ನಾಟಕ ಪ್ರದೇಶ ಇಂದಿಗೂ ಕಡೆಗಣನೆಗೆ ಒಳಗಾಗಿದೆ ಎಂದು ಹಿರಿಯ ಪತ್ರಕರ್ತರು ಬೇಸರ ವ್ಯಕ್ತಪಡಿಸಿದರು. ನಗರದ ಬಿ.ವಿ. ಭೂಮರೆಡ್ಡಿ ಮಹಾವಿದ್ಯಾಲಯದಲ್ಲಿ ನಡೆದ ಎರಡು ದಿನಗಳ ರಾಷ್ಟ್ರಮಟ್ಟದ ವಿಚಾರ ಸಂಕಿರಣದ ಸಮಾರೋಪ ಸಮಾರಂಭದಲ್ಲಿ ಮಾತನಾಡಿದರು. ಈ ಭಾಗದ ಶಿಕ್ಷಣ, ಆರೋಗ್ಯ, ಉದ್ಯೋಗ ಕ್ಷೇತ್ರಗಳಲ್ಲಿ ಇನ್ನೂ ಸಾಕಷ್ಟು ಸುಧಾರಣೆ ಆಗಬೇಕಿದೆ. ಜನಪ್ರತಿನಿಧಿಗಳು ಇಚ್ಛಾಶಕ್ತಿ ಪ್ರದರ್ಶಿಸಬೇಕು ಎಂದರು. ವಿವಿಧ ರಾಜ್ಯಗಳ ಸಂಶೋಧಕರು ಪ್ರಬಂಧ ಮಂಡಿಸಿದರು. ಪ್ರಾಂಶುಪಾಲರು, ಉಪನ್ಯಾಸಕರು ಹಾಗೂ ವಿದ್ಯಾರ್ಥಿಗಳು ಉಪಸ್ಥಿತರಿದ್ದರು.
